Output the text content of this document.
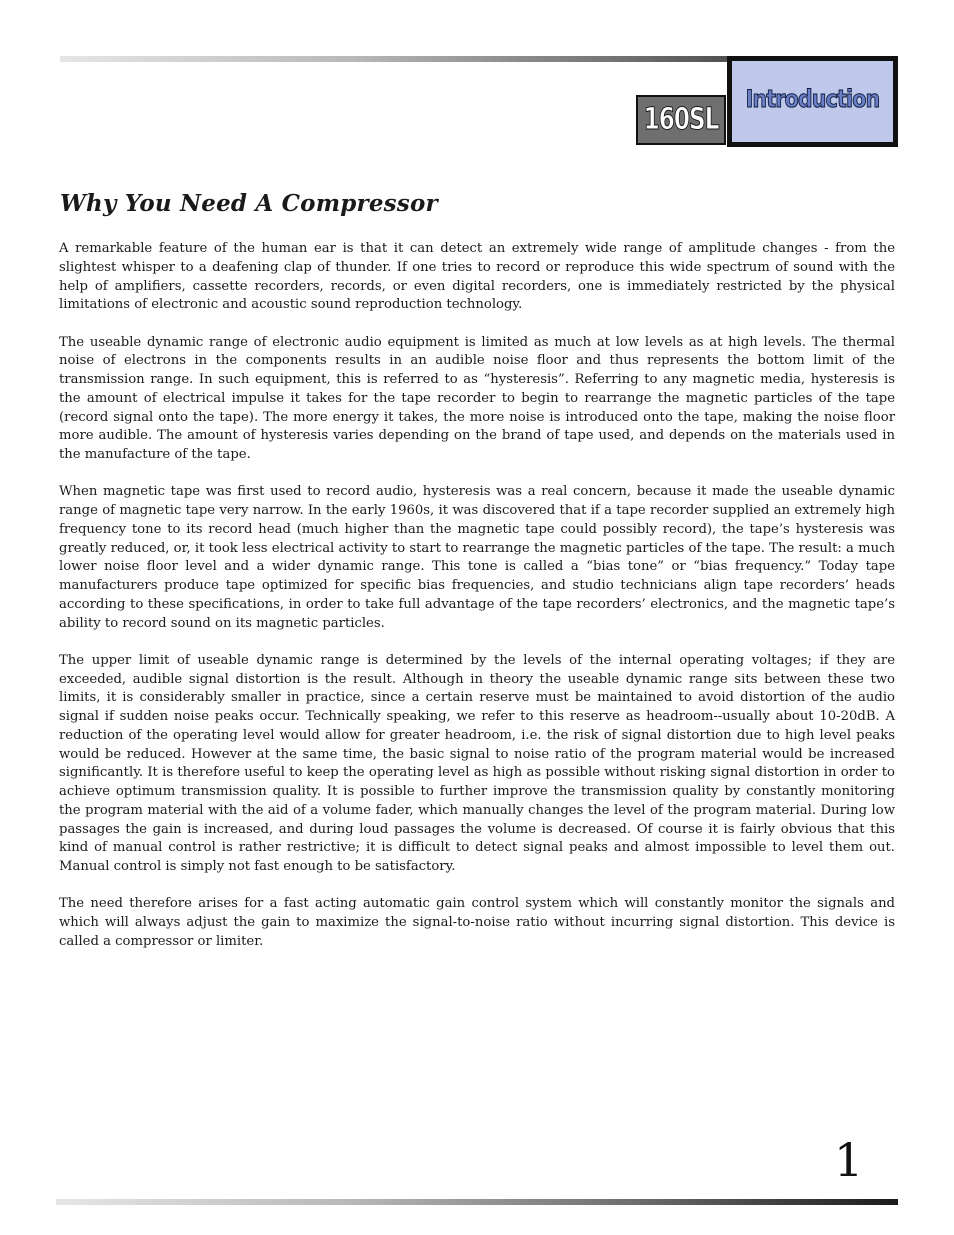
160SL
Introduction
Why You Need A Compressor

A remarkable feature of the human ear is that it can detect an extremely wide range of amplitude changes - from the slightest whisper to a deafening clap of thunder. If one tries to record or reproduce this wide spectrum of sound with the help of amplifiers, cassette recorders, records, or even digital recorders, one is immediately restricted by the physical limitations of electronic and acoustic sound reproduction technology.

The useable dynamic range of electronic audio equipment is limited as much at low levels as at high levels. The thermal noise of electrons in the components results in an audible noise floor and thus represents the bottom limit of the transmission range. In such equipment, this is referred to as “hysteresis”. Referring to any magnetic media, hysteresis is the amount of electrical impulse it takes for the tape recorder to begin to rearrange the magnetic particles of the tape (record signal onto the tape). The more energy it takes, the more noise is introduced onto the tape, making the noise floor more audible. The amount of hysteresis varies depending on the brand of tape used, and depends on the materials used in the manufacture of the tape.

When magnetic tape was first used to record audio, hysteresis was a real concern, because it made the useable dynamic range of magnetic tape very narrow. In the early 1960s, it was discovered that if a tape recorder supplied an extremely high frequency tone to its record head (much higher than the magnetic tape could possibly record), the tape’s hysteresis was greatly reduced, or, it took less electrical activity to start to rearrange the magnetic particles of the tape. The result: a much lower noise floor level and a wider dynamic range. This tone is called a “bias tone” or “bias frequency.” Today tape manufacturers produce tape optimized for specific bias frequencies, and studio technicians align tape recorders’ heads according to these specifications, in order to take full advantage of the tape recorders’ electronics, and the magnetic tape’s ability to record sound on its magnetic particles.

The upper limit of useable dynamic range is determined by the levels of the internal operating voltages; if they are exceeded, audible signal distortion is the result. Although in theory the useable dynamic range sits between these two limits, it is considerably smaller in practice, since a certain reserve must be maintained to avoid distortion of the audio signal if sudden noise peaks occur. Technically speaking, we refer to this reserve as headroom--usually about 10-20dB. A reduction of the operating level would allow for greater headroom, i.e. the risk of signal distortion due to high level peaks would be reduced. However at the same time, the basic signal to noise ratio of the program material would be increased significantly. It is therefore useful to keep the operating level as high as possible without risking signal distortion in order to achieve optimum transmission quality. It is possible to further improve the transmission quality by constantly monitoring the program material with the aid of a volume fader, which manually changes the level of the program material. During low passages the gain is increased, and during loud passages the volume is decreased. Of course it is fairly obvious that this kind of manual control is rather restrictive; it is difficult to detect signal peaks and almost impossible to level them out. Manual control is simply not fast enough to be satisfactory.

The need therefore arises for a fast acting automatic gain control system which will constantly monitor the signals and which will always adjust the gain to maximize the signal-to-noise ratio without incurring signal distortion. This device is called a compressor or limiter.

1
